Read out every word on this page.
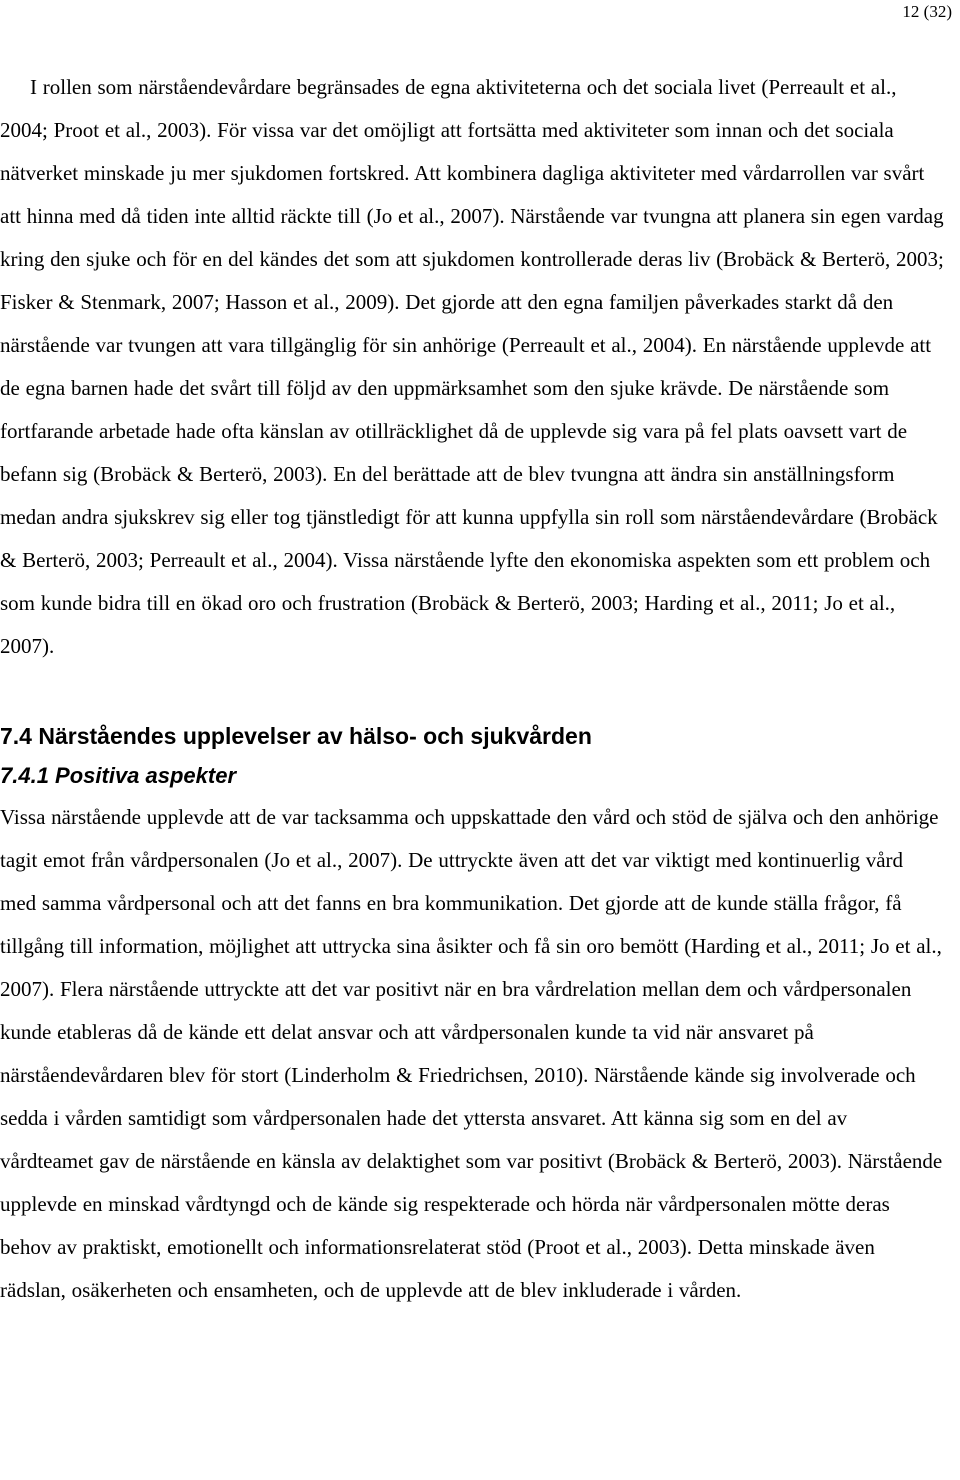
12 (32)

I rollen som närståendevårdare begränsades de egna aktiviteterna och det sociala livet (Perreault et al., 2004; Proot et al., 2003). För vissa var det omöjligt att fortsätta med aktiviteter som innan och det sociala nätverket minskade ju mer sjukdomen fortskred. Att kombinera dagliga aktiviteter med vårdarrollen var svårt att hinna med då tiden inte alltid räckte till (Jo et al., 2007). Närstående var tvungna att planera sin egen vardag kring den sjuke och för en del kändes det som att sjukdomen kontrollerade deras liv (Brobäck & Berterö, 2003; Fisker & Stenmark, 2007; Hasson et al., 2009). Det gjorde att den egna familjen påverkades starkt då den närstående var tvungen att vara tillgänglig för sin anhörige (Perreault et al., 2004). En närstående upplevde att de egna barnen hade det svårt till följd av den uppmärksamhet som den sjuke krävde. De närstående som fortfarande arbetade hade ofta känslan av otillräcklighet då de upplevde sig vara på fel plats oavsett vart de befann sig (Brobäck & Berterö, 2003). En del berättade att de blev tvungna att ändra sin anställningsform medan andra sjukskrev sig eller tog tjänstledigt för att kunna uppfylla sin roll som närståendevårdare (Brobäck & Berterö, 2003; Perreault et al., 2004). Vissa närstående lyfte den ekonomiska aspekten som ett problem och som kunde bidra till en ökad oro och frustration (Brobäck & Berterö, 2003; Harding et al., 2011; Jo et al., 2007).

7.4 Närståendes upplevelser av hälso- och sjukvården
7.4.1 Positiva aspekter

Vissa närstående upplevde att de var tacksamma och uppskattade den vård och stöd de själva och den anhörige tagit emot från vårdpersonalen (Jo et al., 2007). De uttryckte även att det var viktigt med kontinuerlig vård med samma vårdpersonal och att det fanns en bra kommunikation. Det gjorde att de kunde ställa frågor, få tillgång till information, möjlighet att uttrycka sina åsikter och få sin oro bemött (Harding et al., 2011; Jo et al., 2007). Flera närstående uttryckte att det var positivt när en bra vårdrelation mellan dem och vårdpersonalen kunde etableras då de kände ett delat ansvar och att vårdpersonalen kunde ta vid när ansvaret på närståendevårdaren blev för stort (Linderholm & Friedrichsen, 2010). Närstående kände sig involverade och sedda i vården samtidigt som vårdpersonalen hade det yttersta ansvaret. Att känna sig som en del av vårdteamet gav de närstående en känsla av delaktighet som var positivt (Brobäck & Berterö, 2003). Närstående upplevde en minskad vårdtyngd och de kände sig respekterade och hörda när vårdpersonalen mötte deras behov av praktiskt, emotionellt och informationsrelaterat stöd (Proot et al., 2003). Detta minskade även rädslan, osäkerheten och ensamheten, och de upplevde att de blev inkluderade i vården.
